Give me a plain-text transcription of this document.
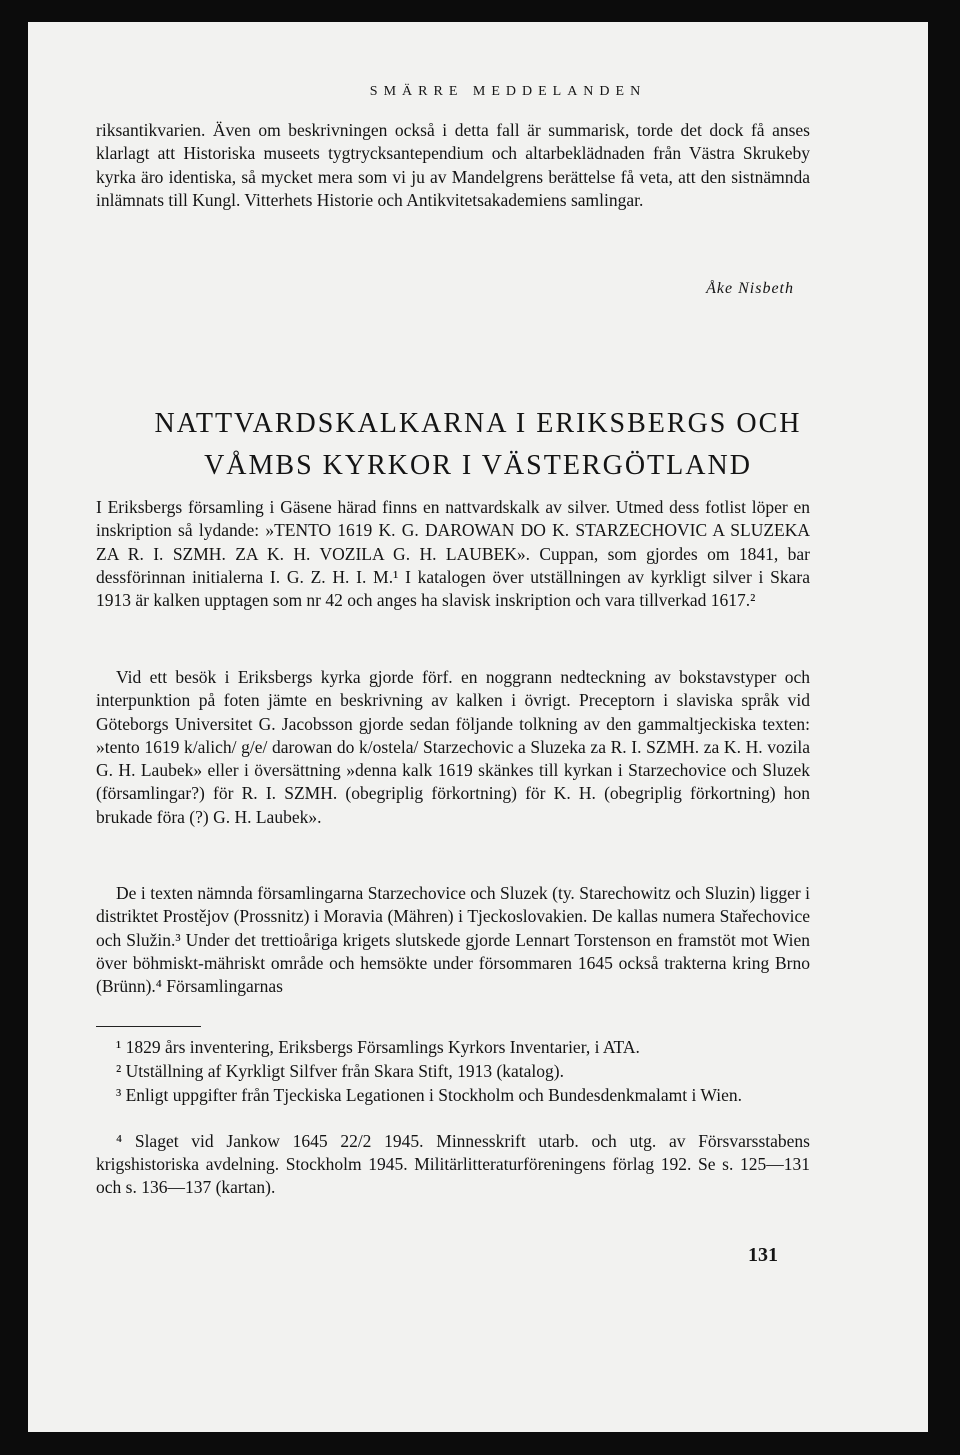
SMÄRRE MEDDELANDEN

riksantikvarien. Även om beskrivningen också i detta fall är summarisk, torde det dock få anses klarlagt att Historiska museets tygtrycksantependium och altarbeklädnaden från Västra Skrukeby kyrka äro identiska, så mycket mera som vi ju av Mandelgrens berättelse få veta, att den sistnämnda inlämnats till Kungl. Vitterhets Historie och Antikvitetsakademiens samlingar.

Åke Nisbeth
NATTVARDSKALKARNA I ERIKSBERGS OCH
VÅMBS KYRKOR I VÄSTERGÖTLAND

I Eriksbergs församling i Gäsene härad finns en nattvardskalk av silver. Utmed dess fotlist löper en inskription så lydande: »TENTO 1619 K. G. DAROWAN DO K. STARZECHOVIC A SLUZEKA ZA R. I. SZMH. ZA K. H. VOZILA G. H. LAUBEK». Cuppan, som gjordes om 1841, bar dessförinnan initialerna I. G. Z. H. I. M.¹ I katalogen över utställningen av kyrkligt silver i Skara 1913 är kalken upptagen som nr 42 och anges ha slavisk inskription och vara tillverkad 1617.²

Vid ett besök i Eriksbergs kyrka gjorde förf. en noggrann nedteckning av bokstavstyper och interpunktion på foten jämte en beskrivning av kalken i övrigt. Preceptorn i slaviska språk vid Göteborgs Universitet G. Jacobsson gjorde sedan följande tolkning av den gammaltjeckiska texten: »tento 1619 k/alich/ g/e/ darowan do k/ostela/ Starzechovic a Sluzeka za R. I. SZMH. za K. H. vozila G. H. Laubek» eller i översättning »denna kalk 1619 skänkes till kyrkan i Starzechovice och Sluzek (församlingar?) för R. I. SZMH. (obegriplig förkortning) för K. H. (obegriplig förkortning) hon brukade föra (?) G. H. Laubek».

De i texten nämnda församlingarna Starzechovice och Sluzek (ty. Starechowitz och Sluzin) ligger i distriktet Prostějov (Prossnitz) i Moravia (Mähren) i Tjeckoslovakien. De kallas numera Stařechovice och Služin.³ Under det trettioåriga krigets slutskede gjorde Lennart Torstenson en framstöt mot Wien över böhmiskt-mähriskt område och hemsökte under försommaren 1645 också trakterna kring Brno (Brünn).⁴ Församlingarnas

¹ 1829 års inventering, Eriksbergs Församlings Kyrkors Inventarier, i ATA.

² Utställning af Kyrkligt Silfver från Skara Stift, 1913 (katalog).

³ Enligt uppgifter från Tjeckiska Legationen i Stockholm och Bundesdenkmalamt i Wien.

⁴ Slaget vid Jankow 1645 22/2 1945. Minnesskrift utarb. och utg. av Försvarsstabens krigshistoriska avdelning. Stockholm 1945. Militärlitteraturföreningens förlag 192. Se s. 125—131 och s. 136—137 (kartan).

131
